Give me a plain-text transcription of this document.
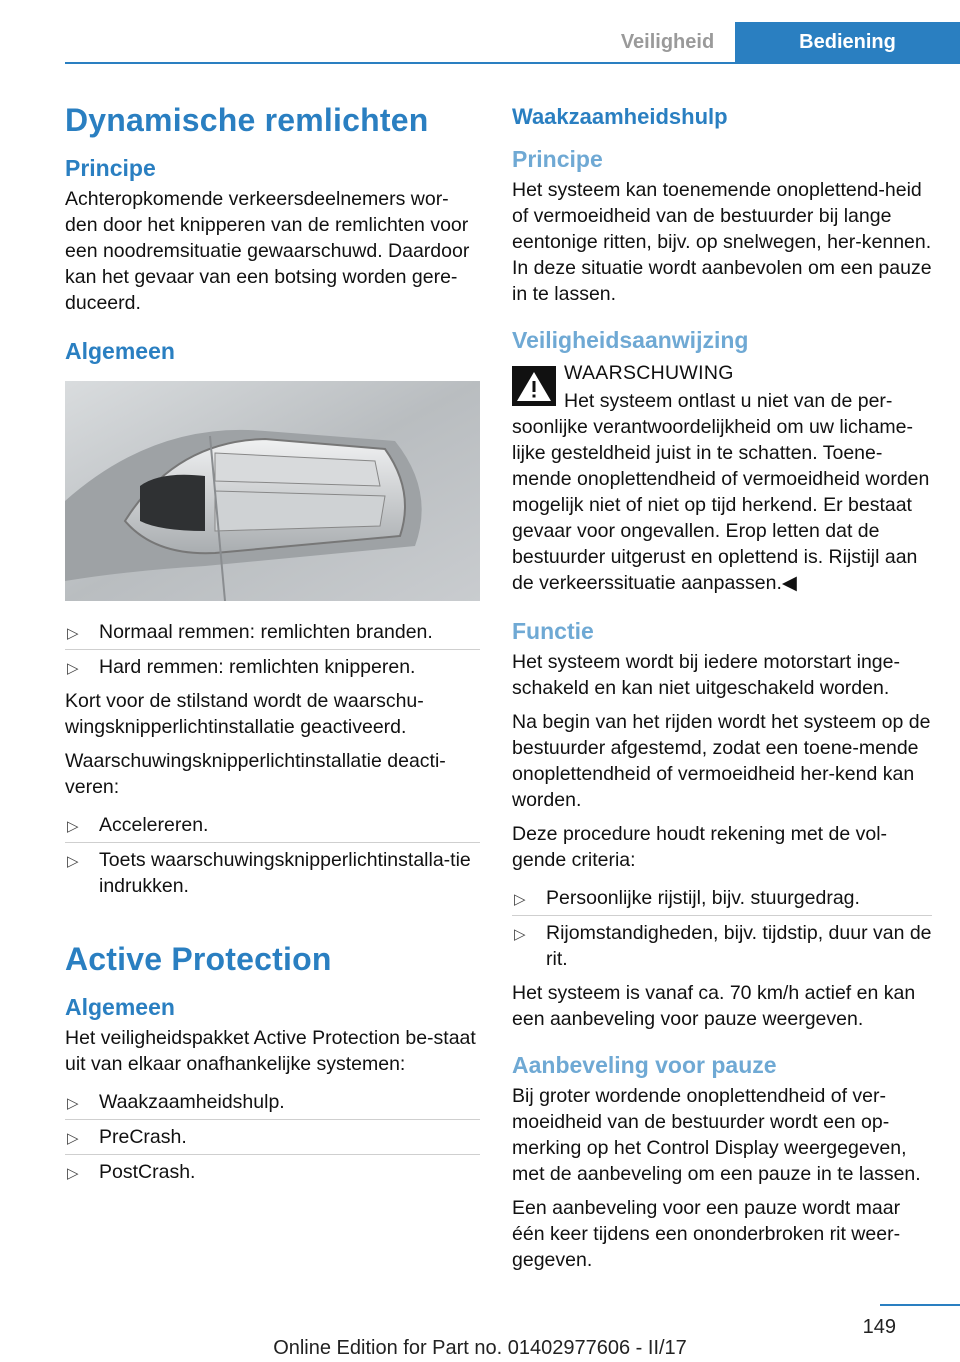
Veiligheid	Bediening
Dynamische remlichten
Principe

Achteropkomende verkeersdeelnemers wor-den door het knipperen van de remlichten voor een noodremsituatie gewaarschuwd. Daardoor kan het gevaar van een botsing worden gere-duceerd.

Algemeen
▷ Normaal remmen: remlichten branden.
▷ Hard remmen: remlichten knipperen.

Kort voor de stilstand wordt de waarschu-wingsknipperlichtinstallatie geactiveerd.

Waarschuwingsknipperlichtinstallatie deacti-veren:

▷ Accelereren.
▷ Toets waarschuwingsknipperlichtinstalla-tie indrukken.
Active Protection
Algemeen

Het veiligheidspakket Active Protection be-staat uit van elkaar onafhankelijke systemen:

▷ Waakzaamheidshulp.
▷ PreCrash.
▷ PostCrash.
Waakzaamheidshulp
Principe

Het systeem kan toenemende onoplettend-heid of vermoeidheid van de bestuurder bij lange eentonige ritten, bijv. op snelwegen, her-kennen. In deze situatie wordt aanbevolen om een pauze in te lassen.

Veiligheidsaanwijzing

WAARSCHUWING

Het systeem ontlast u niet van de per-soonlijke verantwoordelijkheid om uw lichame-lijke gesteldheid juist in te schatten. Toene-mende onoplettendheid of vermoeidheid worden mogelijk niet of niet op tijd herkend. Er bestaat gevaar voor ongevallen. Erop letten dat de bestuurder uitgerust en oplettend is. Rijstijl aan de verkeerssituatie aanpassen.◀

Functie

Het systeem wordt bij iedere motorstart inge-schakeld en kan niet uitgeschakeld worden.

Na begin van het rijden wordt het systeem op de bestuurder afgestemd, zodat een toene-mende onoplettendheid of vermoeidheid her-kend kan worden.

Deze procedure houdt rekening met de vol-gende criteria:

▷ Persoonlijke rijstijl, bijv. stuurgedrag.
▷ Rijomstandigheden, bijv. tijdstip, duur van de rit.

Het systeem is vanaf ca. 70 km/h actief en kan een aanbeveling voor pauze weergeven.

Aanbeveling voor pauze

Bij groter wordende onoplettendheid of ver-moeidheid van de bestuurder wordt een op-merking op het Control Display weergegeven, met de aanbeveling om een pauze in te lassen.

Een aanbeveling voor een pauze wordt maar één keer tijdens een ononderbroken rit weer-gegeven.

149
Online Edition for Part no. 01402977606 - II/17
